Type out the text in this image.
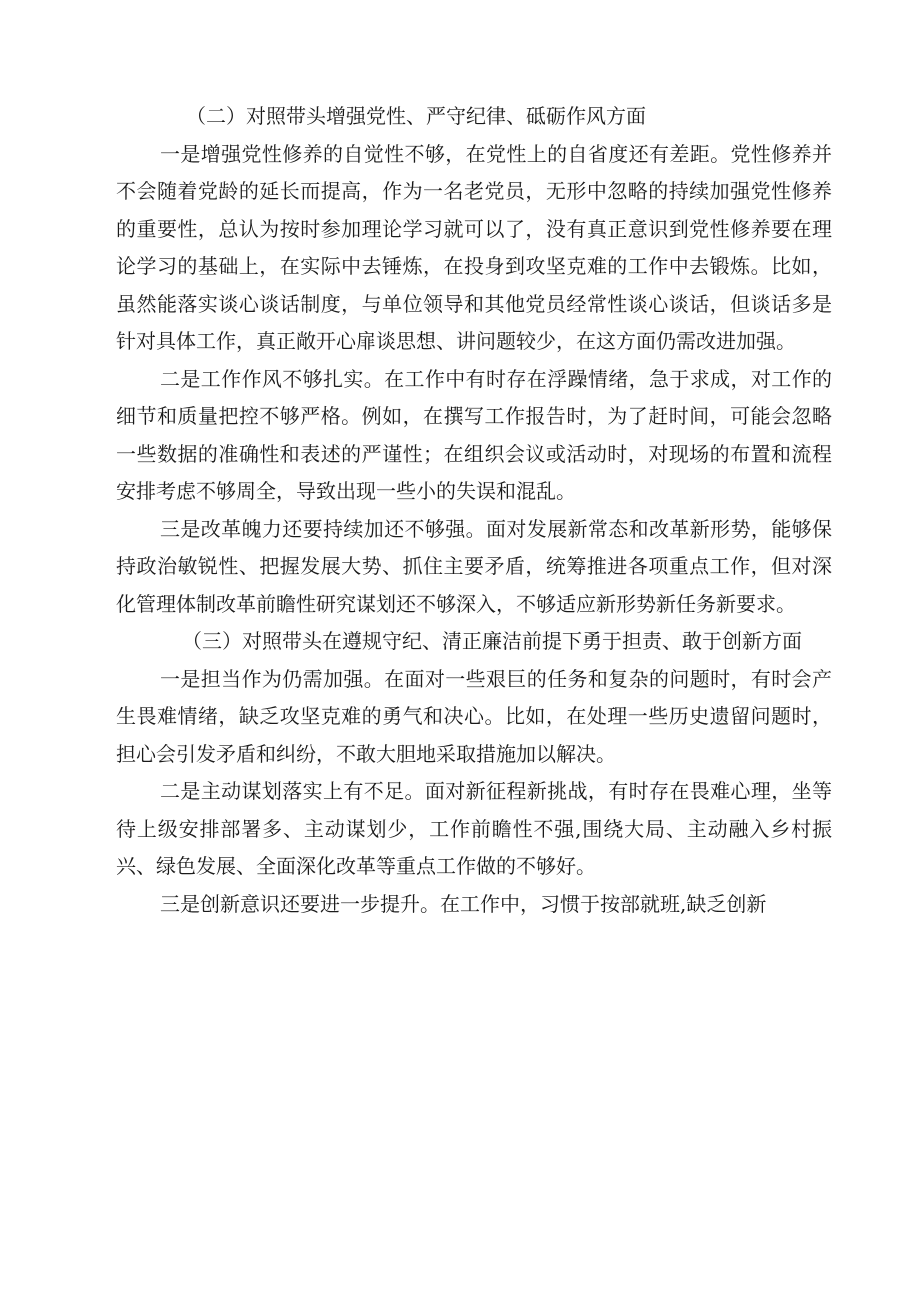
（二）对照带头增强党性、严守纪律、砥砺作风方面

一是增强党性修养的自觉性不够，在党性上的自省度还有差距。党性修养并不会随着党龄的延长而提高，作为一名老党员，无形中忽略的持续加强党性修养的重要性，总认为按时参加理论学习就可以了，没有真正意识到党性修养要在理论学习的基础上，在实际中去锤炼，在投身到攻坚克难的工作中去锻炼。比如，虽然能落实谈心谈话制度，与单位领导和其他党员经常性谈心谈话，但谈话多是针对具体工作，真正敞开心扉谈思想、讲问题较少，在这方面仍需改进加强。

二是工作作风不够扎实。在工作中有时存在浮躁情绪，急于求成，对工作的细节和质量把控不够严格。例如，在撰写工作报告时，为了赶时间，可能会忽略一些数据的准确性和表述的严谨性；在组织会议或活动时，对现场的布置和流程安排考虑不够周全，导致出现一些小的失误和混乱。

三是改革魄力还要持续加还不够强。面对发展新常态和改革新形势，能够保持政治敏锐性、把握发展大势、抓住主要矛盾，统筹推进各项重点工作，但对深化管理体制改革前瞻性研究谋划还不够深入，不够适应新形势新任务新要求。

（三）对照带头在遵规守纪、清正廉洁前提下勇于担责、敢于创新方面

一是担当作为仍需加强。在面对一些艰巨的任务和复杂的问题时，有时会产生畏难情绪，缺乏攻坚克难的勇气和决心。比如，在处理一些历史遗留问题时，担心会引发矛盾和纠纷，不敢大胆地采取措施加以解决。

二是主动谋划落实上有不足。面对新征程新挑战，有时存在畏难心理，坐等待上级安排部署多、主动谋划少，工作前瞻性不强,围绕大局、主动融入乡村振兴、绿色发展、全面深化改革等重点工作做的不够好。

三是创新意识还要进一步提升。在工作中，习惯于按部就班,缺乏创新
